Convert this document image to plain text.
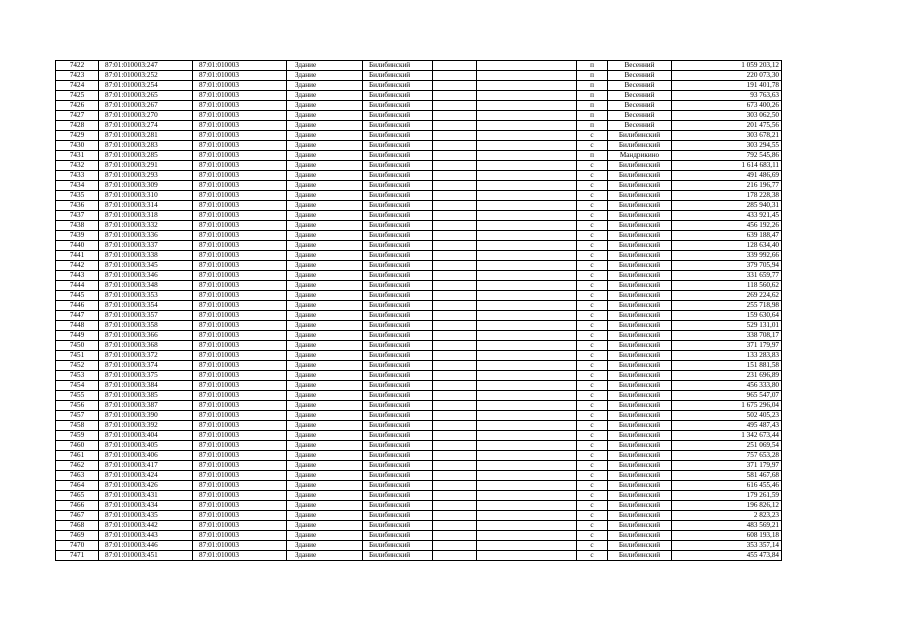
7422	87:01:010003:247	87:01:010003	Здание	Билибинский			п	Весенний	1 059 203,12
7423	87:01:010003:252	87:01:010003	Здание	Билибинский			п	Весенний	220 073,30
7424	87:01:010003:254	87:01:010003	Здание	Билибинский			п	Весенний	191 401,78
7425	87:01:010003:265	87:01:010003	Здание	Билибинский			п	Весенний	93 763,63
7426	87:01:010003:267	87:01:010003	Здание	Билибинский			п	Весенний	673 400,26
7427	87:01:010003:270	87:01:010003	Здание	Билибинский			п	Весенний	303 062,50
7428	87:01:010003:274	87:01:010003	Здание	Билибинский			п	Весенний	201 475,56
7429	87:01:010003:281	87:01:010003	Здание	Билибинский			с	Билибинский	303 678,21
7430	87:01:010003:283	87:01:010003	Здание	Билибинский			с	Билибинский	303 294,55
7431	87:01:010003:285	87:01:010003	Здание	Билибинский			п	Мандрикино	792 545,86
7432	87:01:010003:291	87:01:010003	Здание	Билибинский			с	Билибинский	1 614 683,11
7433	87:01:010003:293	87:01:010003	Здание	Билибинский			с	Билибинский	491 486,69
7434	87:01:010003:309	87:01:010003	Здание	Билибинский			с	Билибинский	216 196,77
7435	87:01:010003:310	87:01:010003	Здание	Билибинский			с	Билибинский	178 228,38
7436	87:01:010003:314	87:01:010003	Здание	Билибинский			с	Билибинский	285 940,31
7437	87:01:010003:318	87:01:010003	Здание	Билибинский			с	Билибинский	433 921,45
7438	87:01:010003:332	87:01:010003	Здание	Билибинский			с	Билибинский	456 192,26
7439	87:01:010003:336	87:01:010003	Здание	Билибинский			с	Билибинский	639 188,47
7440	87:01:010003:337	87:01:010003	Здание	Билибинский			с	Билибинский	128 634,40
7441	87:01:010003:338	87:01:010003	Здание	Билибинский			с	Билибинский	339 992,66
7442	87:01:010003:345	87:01:010003	Здание	Билибинский			с	Билибинский	379 705,94
7443	87:01:010003:346	87:01:010003	Здание	Билибинский			с	Билибинский	331 659,77
7444	87:01:010003:348	87:01:010003	Здание	Билибинский			с	Билибинский	118 560,62
7445	87:01:010003:353	87:01:010003	Здание	Билибинский			с	Билибинский	269 224,62
7446	87:01:010003:354	87:01:010003	Здание	Билибинский			с	Билибинский	255 718,98
7447	87:01:010003:357	87:01:010003	Здание	Билибинский			с	Билибинский	159 630,64
7448	87:01:010003:358	87:01:010003	Здание	Билибинский			с	Билибинский	529 131,01
7449	87:01:010003:366	87:01:010003	Здание	Билибинский			с	Билибинский	338 708,17
7450	87:01:010003:368	87:01:010003	Здание	Билибинский			с	Билибинский	371 179,97
7451	87:01:010003:372	87:01:010003	Здание	Билибинский			с	Билибинский	133 283,83
7452	87:01:010003:374	87:01:010003	Здание	Билибинский			с	Билибинский	151 881,58
7453	87:01:010003:375	87:01:010003	Здание	Билибинский			с	Билибинский	231 696,89
7454	87:01:010003:384	87:01:010003	Здание	Билибинский			с	Билибинский	456 333,80
7455	87:01:010003:385	87:01:010003	Здание	Билибинский			с	Билибинский	965 547,07
7456	87:01:010003:387	87:01:010003	Здание	Билибинский			с	Билибинский	1 675 296,04
7457	87:01:010003:390	87:01:010003	Здание	Билибинский			с	Билибинский	502 405,23
7458	87:01:010003:392	87:01:010003	Здание	Билибинский			с	Билибинский	495 487,43
7459	87:01:010003:404	87:01:010003	Здание	Билибинский			с	Билибинский	1 342 673,44
7460	87:01:010003:405	87:01:010003	Здание	Билибинский			с	Билибинский	251 069,54
7461	87:01:010003:406	87:01:010003	Здание	Билибинский			с	Билибинский	757 653,28
7462	87:01:010003:417	87:01:010003	Здание	Билибинский			с	Билибинский	371 179,97
7463	87:01:010003:424	87:01:010003	Здание	Билибинский			с	Билибинский	581 467,68
7464	87:01:010003:426	87:01:010003	Здание	Билибинский			с	Билибинский	616 455,46
7465	87:01:010003:431	87:01:010003	Здание	Билибинский			с	Билибинский	179 261,59
7466	87:01:010003:434	87:01:010003	Здание	Билибинский			с	Билибинский	196 826,12
7467	87:01:010003:435	87:01:010003	Здание	Билибинский			с	Билибинский	2 823,23
7468	87:01:010003:442	87:01:010003	Здание	Билибинский			с	Билибинский	483 569,21
7469	87:01:010003:443	87:01:010003	Здание	Билибинский			с	Билибинский	608 193,18
7470	87:01:010003:446	87:01:010003	Здание	Билибинский			с	Билибинский	353 357,14
7471	87:01:010003:451	87:01:010003	Здание	Билибинский			с	Билибинский	455 473,84
